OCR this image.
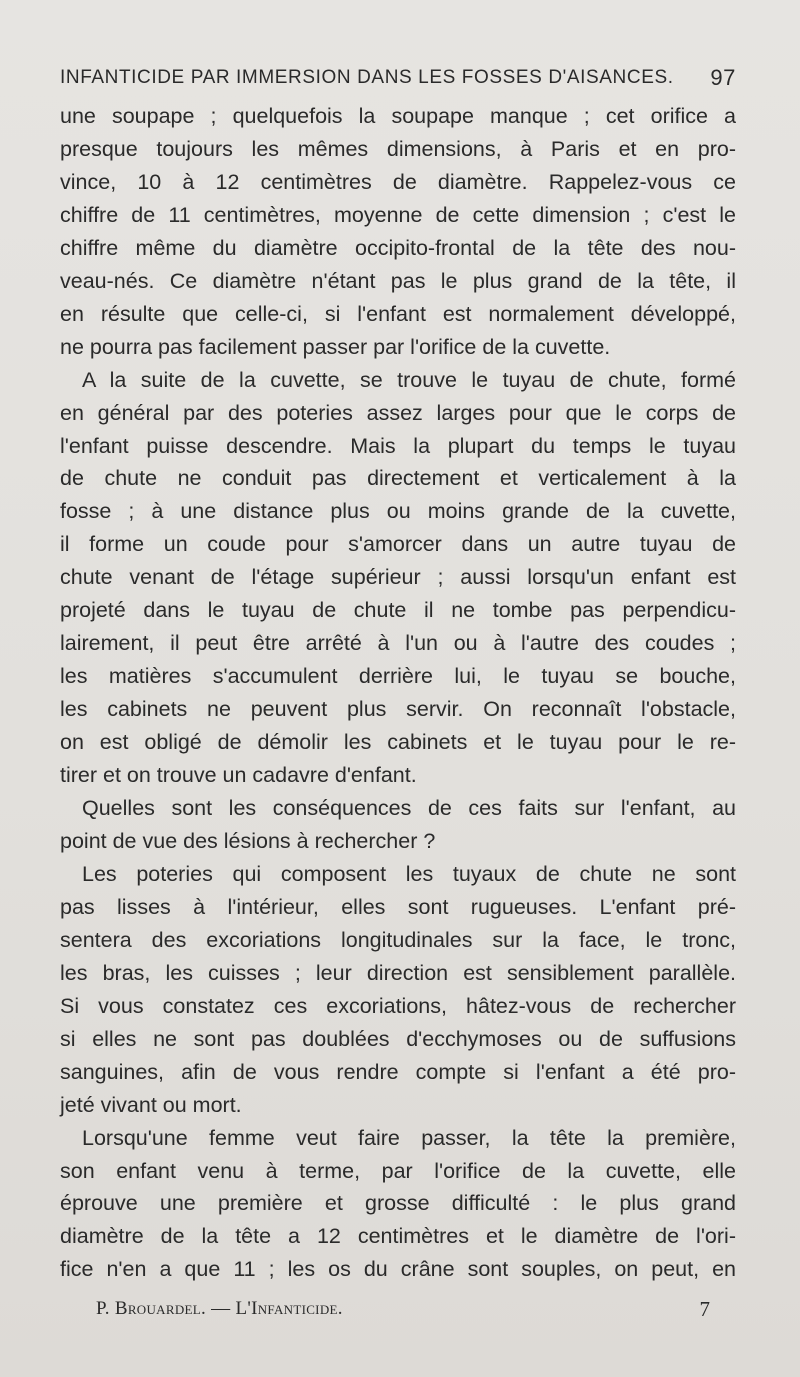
INFANTICIDE PAR IMMERSION DANS LES FOSSES D'AISANCES. 97
une soupape ; quelquefois la soupape manque ; cet orifice a
presque toujours les mêmes dimensions, à Paris et en pro-
vince, 10 à 12 centimètres de diamètre. Rappelez-vous ce
chiffre de 11 centimètres, moyenne de cette dimension ; c'est le
chiffre même du diamètre occipito-frontal de la tête des nou-
veau-nés. Ce diamètre n'étant pas le plus grand de la tête, il
en résulte que celle-ci, si l'enfant est normalement développé,
ne pourra pas facilement passer par l'orifice de la cuvette.
A la suite de la cuvette, se trouve le tuyau de chute, formé
en général par des poteries assez larges pour que le corps de
l'enfant puisse descendre. Mais la plupart du temps le tuyau
de chute ne conduit pas directement et verticalement à la
fosse ; à une distance plus ou moins grande de la cuvette,
il forme un coude pour s'amorcer dans un autre tuyau de
chute venant de l'étage supérieur ; aussi lorsqu'un enfant est
projeté dans le tuyau de chute il ne tombe pas perpendicu-
lairement, il peut être arrêté à l'un ou à l'autre des coudes ;
les matières s'accumulent derrière lui, le tuyau se bouche,
les cabinets ne peuvent plus servir. On reconnaît l'obstacle,
on est obligé de démolir les cabinets et le tuyau pour le re-
tirer et on trouve un cadavre d'enfant.
Quelles sont les conséquences de ces faits sur l'enfant, au
point de vue des lésions à rechercher ?
Les poteries qui composent les tuyaux de chute ne sont
pas lisses à l'intérieur, elles sont rugueuses. L'enfant pré-
sentera des excoriations longitudinales sur la face, le tronc,
les bras, les cuisses ; leur direction est sensiblement parallèle.
Si vous constatez ces excoriations, hâtez-vous de rechercher
si elles ne sont pas doublées d'ecchymoses ou de suffusions
sanguines, afin de vous rendre compte si l'enfant a été pro-
jeté vivant ou mort.
Lorsqu'une femme veut faire passer, la tête la première,
son enfant venu à terme, par l'orifice de la cuvette, elle
éprouve une première et grosse difficulté : le plus grand
diamètre de la tête a 12 centimètres et le diamètre de l'ori-
fice n'en a que 11 ; les os du crâne sont souples, on peut, en
P. Brouardel. — L'Infanticide.	7
